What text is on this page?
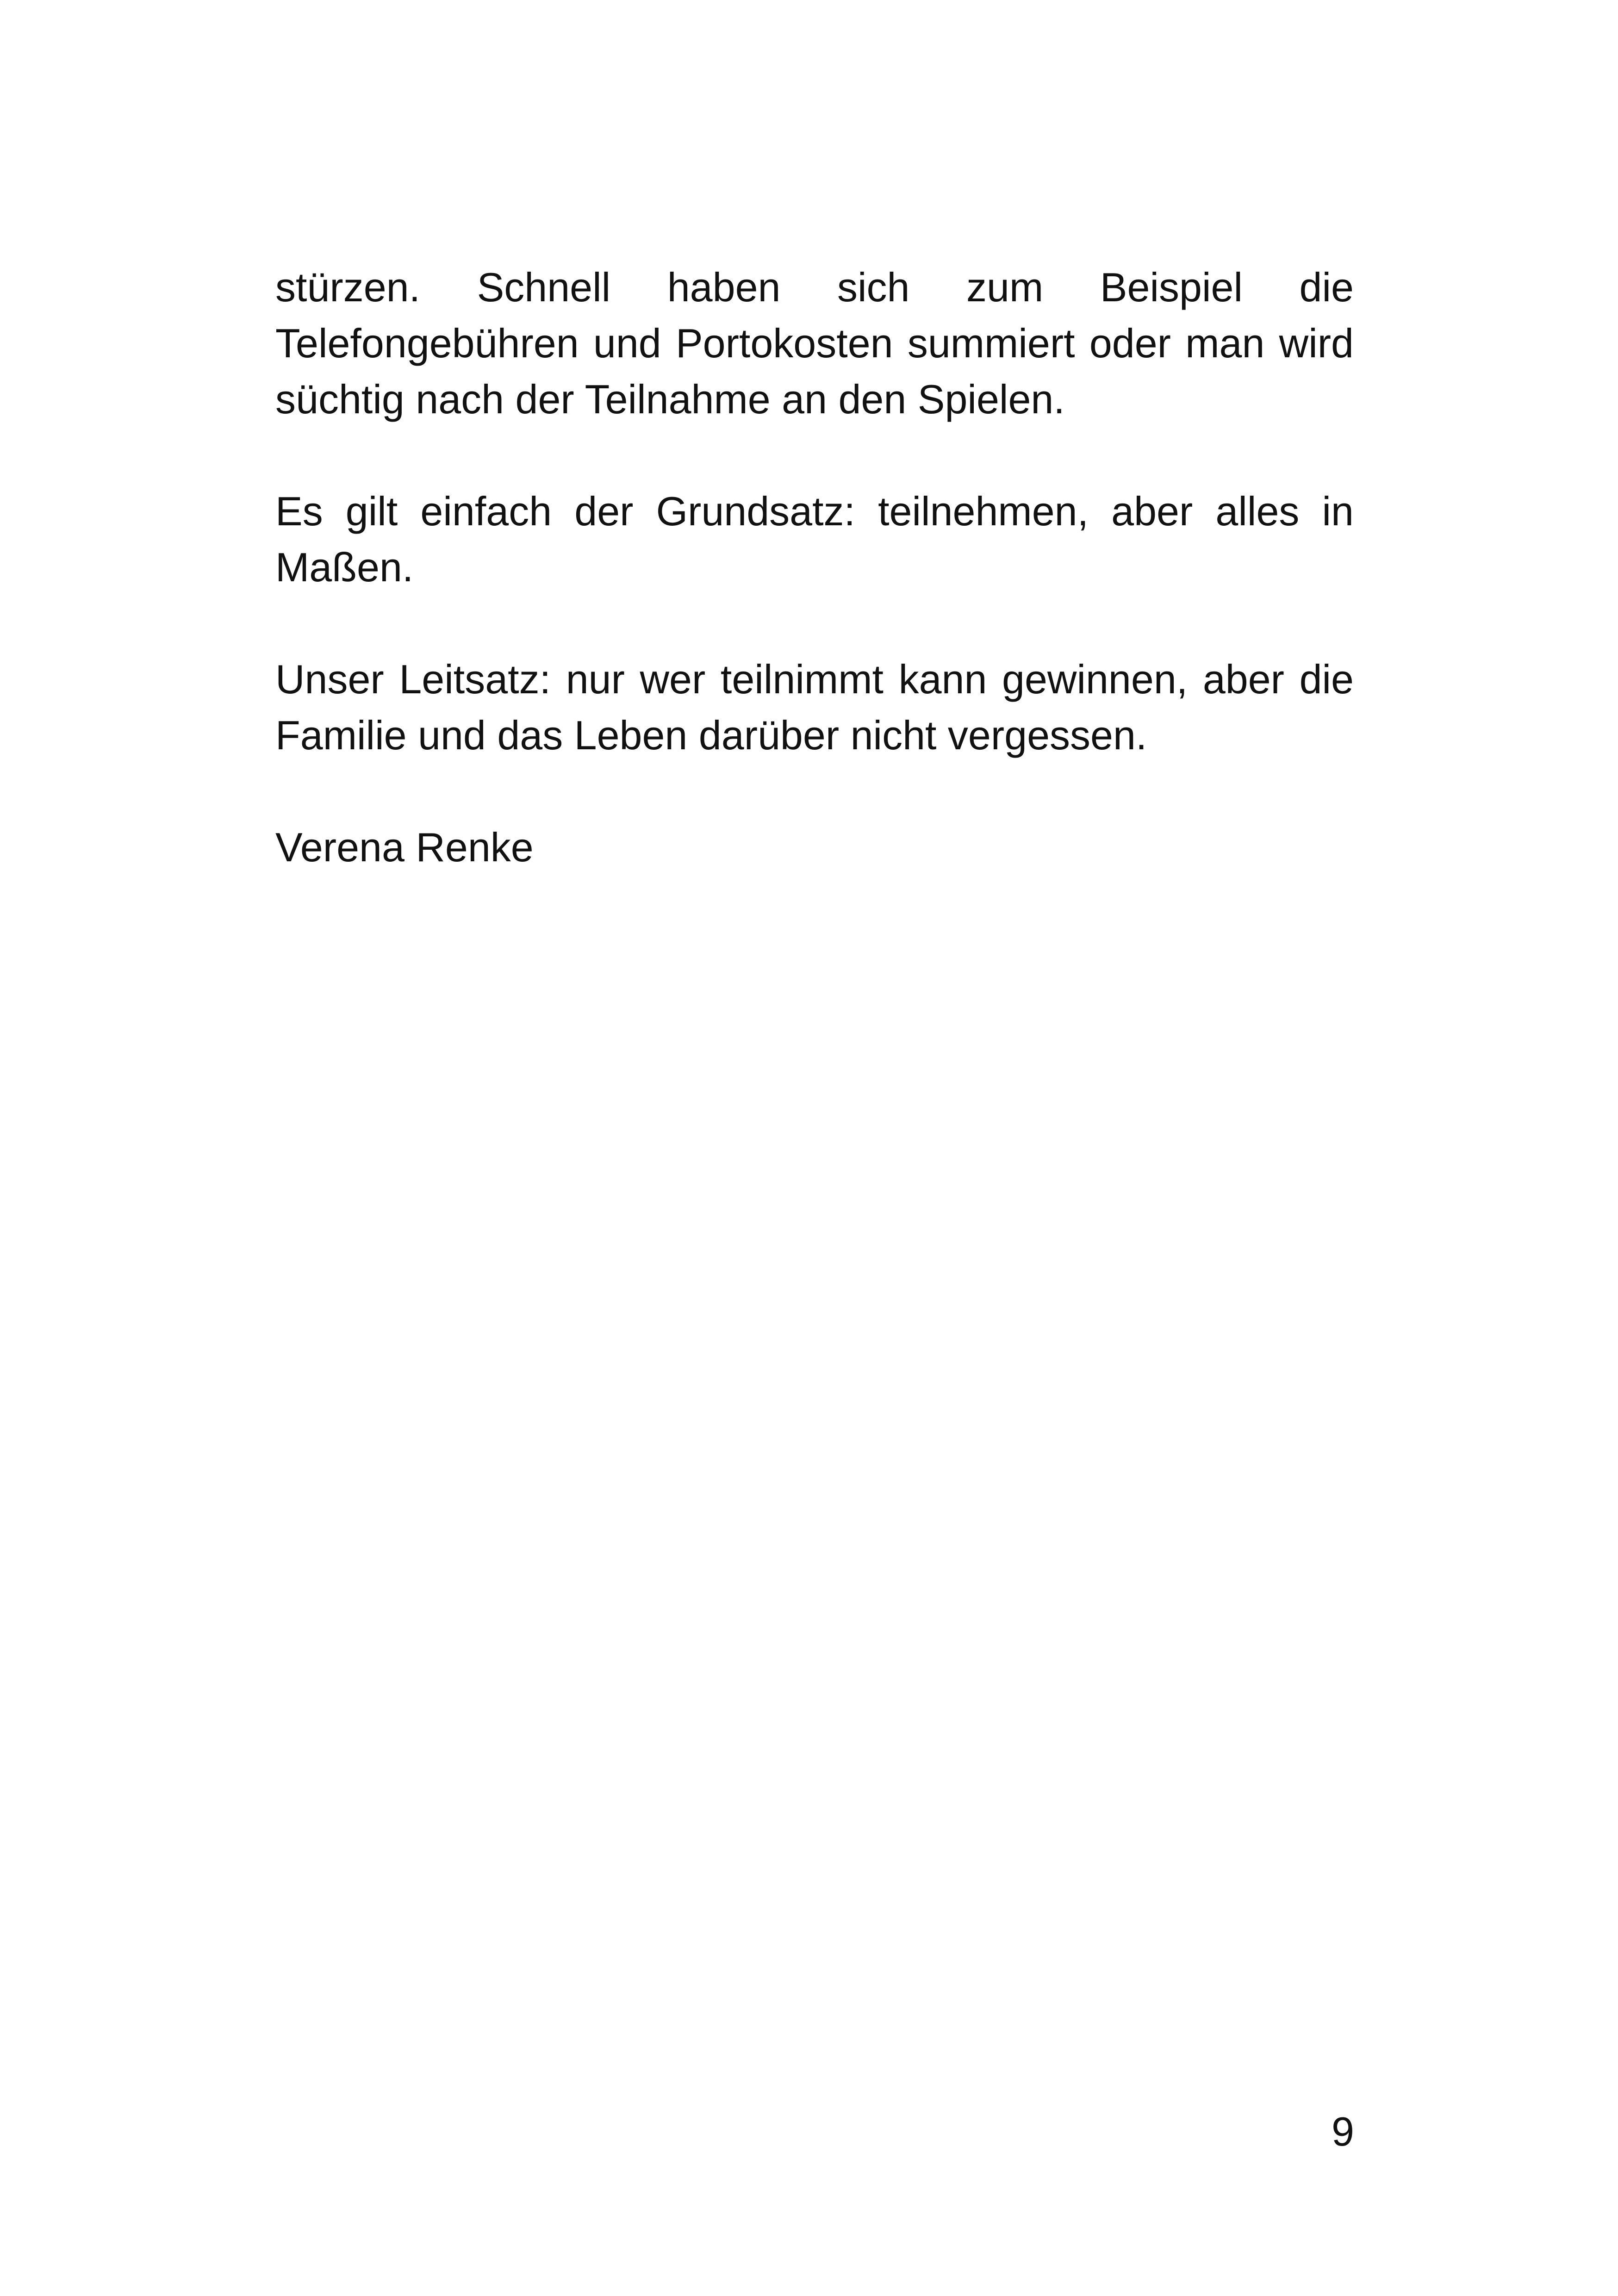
stürzen. Schnell haben sich zum Beispiel die Telefongebühren und Portokosten summiert oder man wird süchtig nach der Teilnahme an den Spielen.

Es gilt einfach der Grundsatz: teilnehmen, aber alles in Maßen.

Unser Leitsatz: nur wer teilnimmt kann gewinnen, aber die Familie und das Leben darüber nicht vergessen.

Verena Renke

9
